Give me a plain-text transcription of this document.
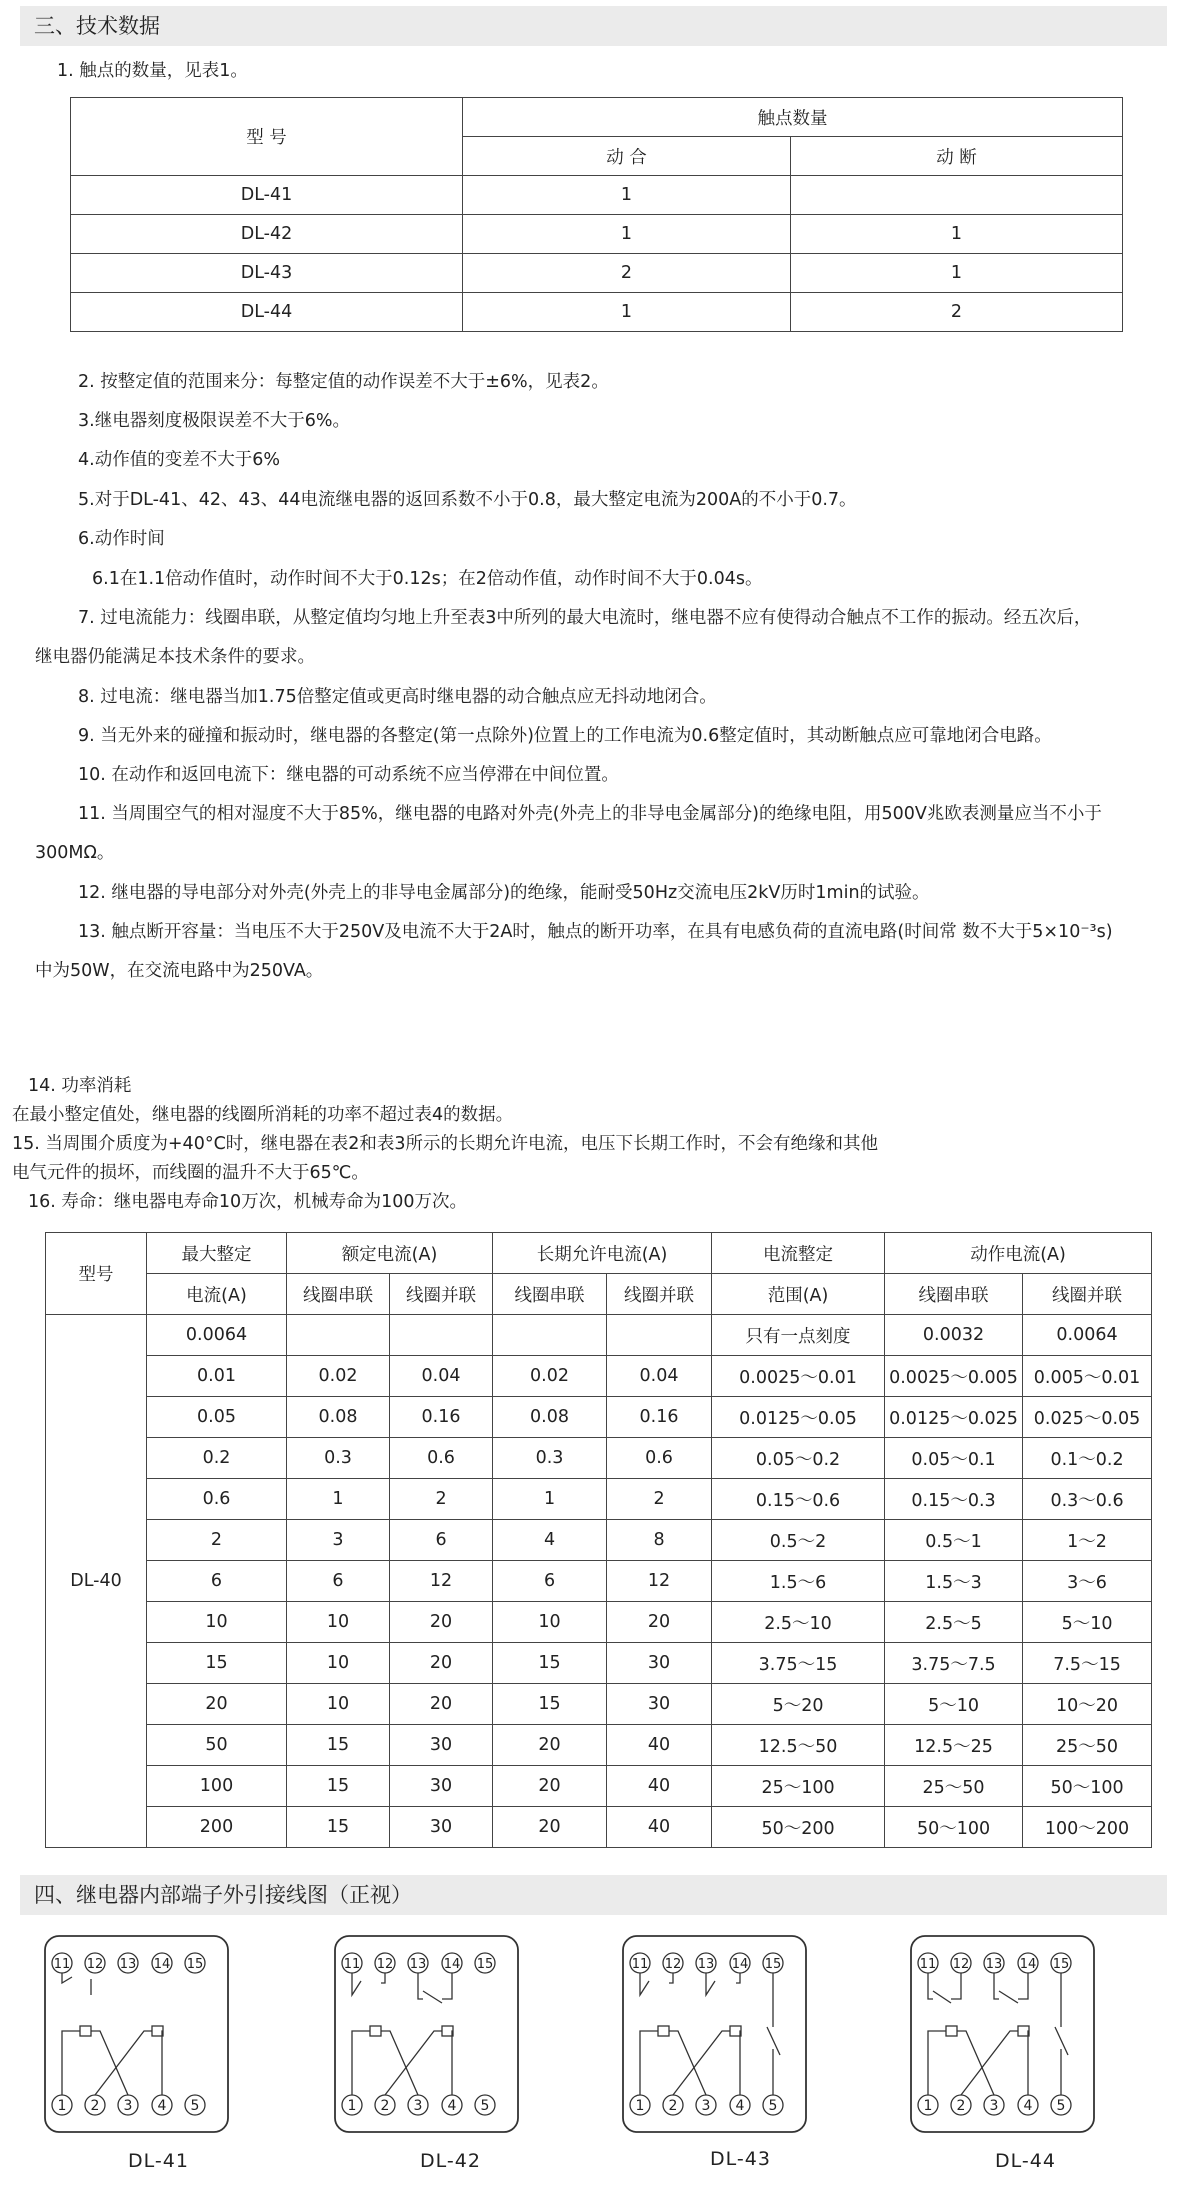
三、技术数据
1. 触点的数量，见表1。
型 号	触点数量	
	动 合	动 断
DL-41	1	
DL-42	1	1
DL-43	2	1
DL-44	1	2
2. 按整定值的范围来分：每整定值的动作误差不大于±6%，见表2。
3.继电器刻度极限误差不大于6%。
4.动作值的变差不大于6%
5.对于DL-41、42、43、44电流继电器的返回系数不小于0.8，最大整定电流为200A的不小于0.7。
6.动作时间
6.1在1.1倍动作值时，动作时间不大于0.12s；在2倍动作值，动作时间不大于0.04s。
7. 过电流能力：线圈串联，从整定值均匀地上升至表3中所列的最大电流时，继电器不应有使得动合触点不工作的振动。经五次后，
继电器仍能满足本技术条件的要求。
8. 过电流：继电器当加1.75倍整定值或更高时继电器的动合触点应无抖动地闭合。
9. 当无外来的碰撞和振动时，继电器的各整定(第一点除外)位置上的工作电流为0.6整定值时，其动断触点应可靠地闭合电路。
10. 在动作和返回电流下：继电器的可动系统不应当停滞在中间位置。
11. 当周围空气的相对湿度不大于85%，继电器的电路对外壳(外壳上的非导电金属部分)的绝缘电阻，用500V兆欧表测量应当不小于
300MΩ。
12. 继电器的导电部分对外壳(外壳上的非导电金属部分)的绝缘，能耐受50Hz交流电压2kV历时1min的试验。
13. 触点断开容量：当电压不大于250V及电流不大于2A时，触点的断开功率，在具有电感负荷的直流电路(时间常 数不大于5×10⁻³s)
中为50W，在交流电路中为250VA。
14. 功率消耗
在最小整定值处，继电器的线圈所消耗的功率不超过表4的数据。
15. 当周围介质度为+40°C时，继电器在表2和表3所示的长期允许电流，电压下长期工作时，不会有绝缘和其他
电气元件的损坏，而线圈的温升不大于65℃。
16. 寿命：继电器电寿命10万次，机械寿命为100万次。
型号	最大整定	额定电流(A)		长期允许电流(A)		电流整定	动作电流(A)	
	电流(A)	线圈串联	线圈并联	线圈串联	线圈并联	范围(A)	线圈串联	线圈并联
DL-40	0.0064					只有一点刻度	0.0032	0.0064
	0.01	0.02	0.04	0.02	0.04	0.0025～0.01	0.0025～0.005	0.005～0.01
	0.05	0.08	0.16	0.08	0.16	0.0125～0.05	0.0125～0.025	0.025～0.05
	0.2	0.3	0.6	0.3	0.6	0.05～0.2	0.05～0.1	0.1～0.2
	0.6	1	2	1	2	0.15～0.6	0.15～0.3	0.3～0.6
	2	3	6	4	8	0.5～2	0.5～1	1～2
	6	6	12	6	12	1.5～6	1.5～3	3～6
	10	10	20	10	20	2.5～10	2.5～5	5～10
	15	10	20	15	30	3.75～15	3.75～7.5	7.5～15
	20	10	20	15	30	5～20	5～10	10～20
	50	15	30	20	40	12.5～50	12.5～25	25～50
	100	15	30	20	40	25～100	25～50	50～100
	200	15	30	20	40	50～200	50～100	100～200
四、继电器内部端子外引接线图（正视）
11 12 13 14 15
1 2 3 4 5
11 12 13 14 15
1 2 3 4 5
11 12 13 14 15
1 2 3 4 5
11 12 13 14 15
1 2 3 4 5
DL-41	DL-42	DL-43	DL-44
